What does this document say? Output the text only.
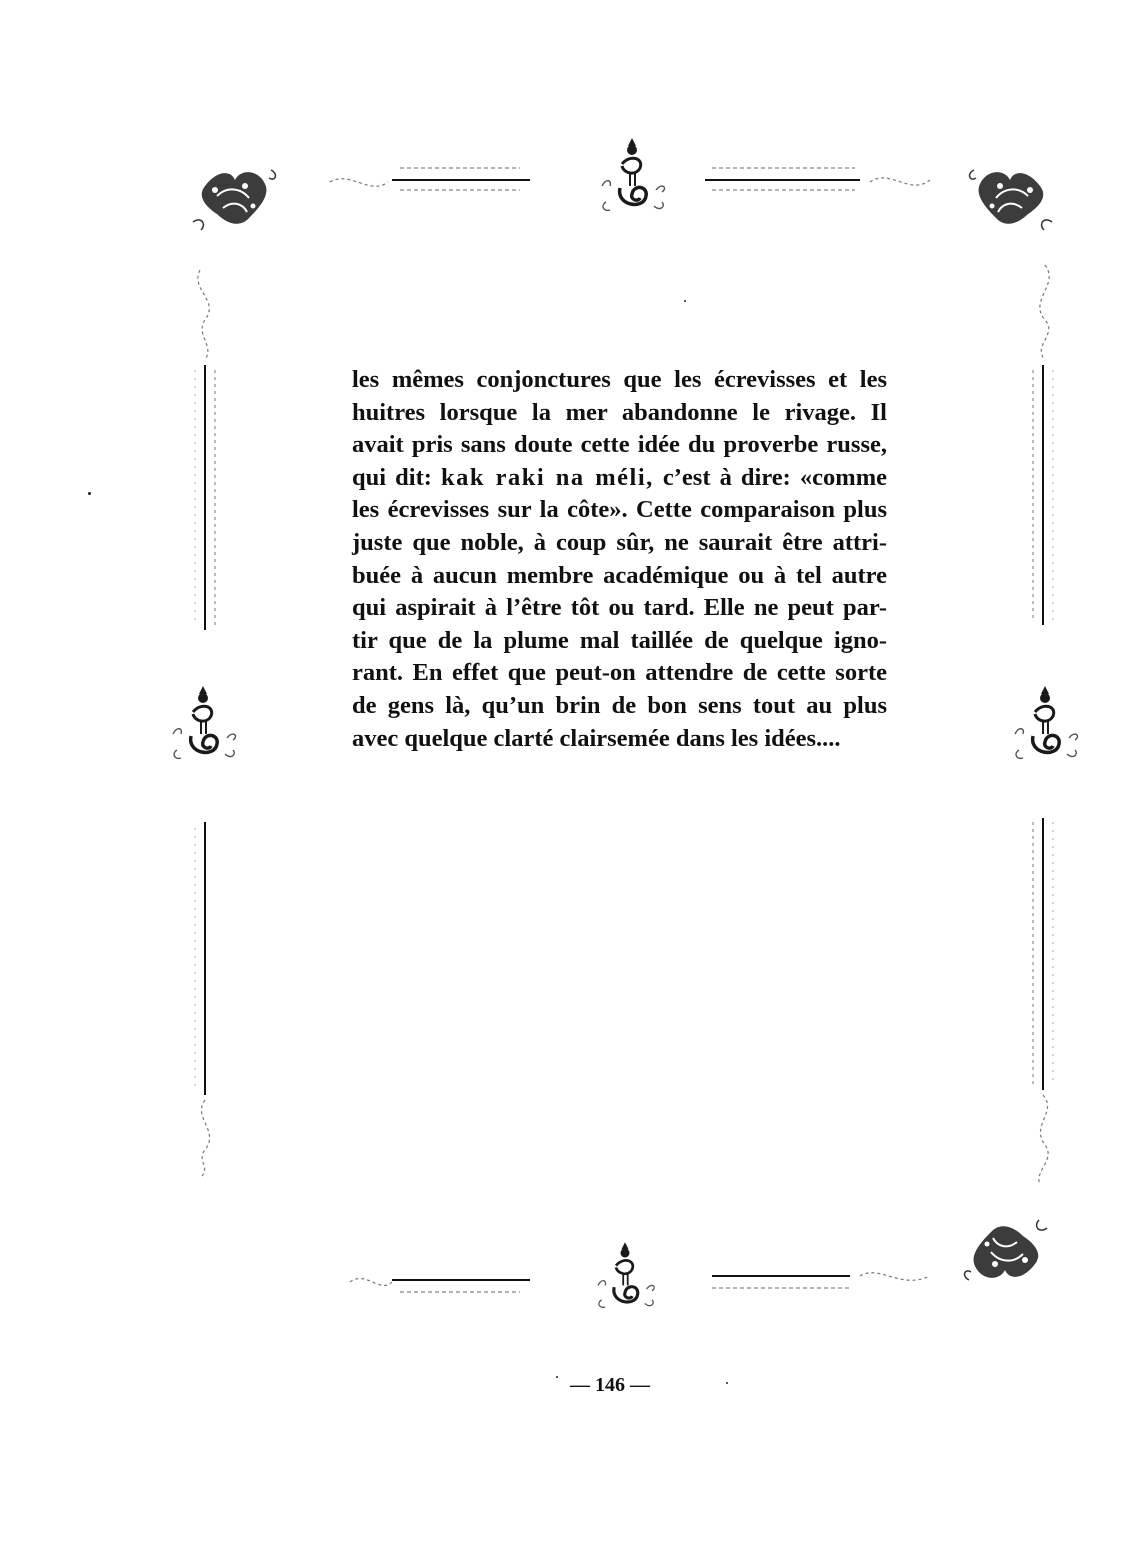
les mêmes conjonctures que les écrevisses et les
huitres lorsque la mer abandonne le rivage. Il
avait pris sans doute cette idée du proverbe russe,
qui dit: kak raki na méli, c’est à dire: «comme
les écrevisses sur la côte». Cette comparaison plus
juste que noble, à coup sûr, ne saurait être attri-
buée à aucun membre académique ou à tel autre
qui aspirait à l’être tôt ou tard. Elle ne peut par-
tir que de la plume mal taillée de quelque igno-
rant. En effet que peut-on attendre de cette sorte
de gens là, qu’un brin de bon sens tout au plus
avec quelque clarté clairsemée dans les idées....
— 146 —
